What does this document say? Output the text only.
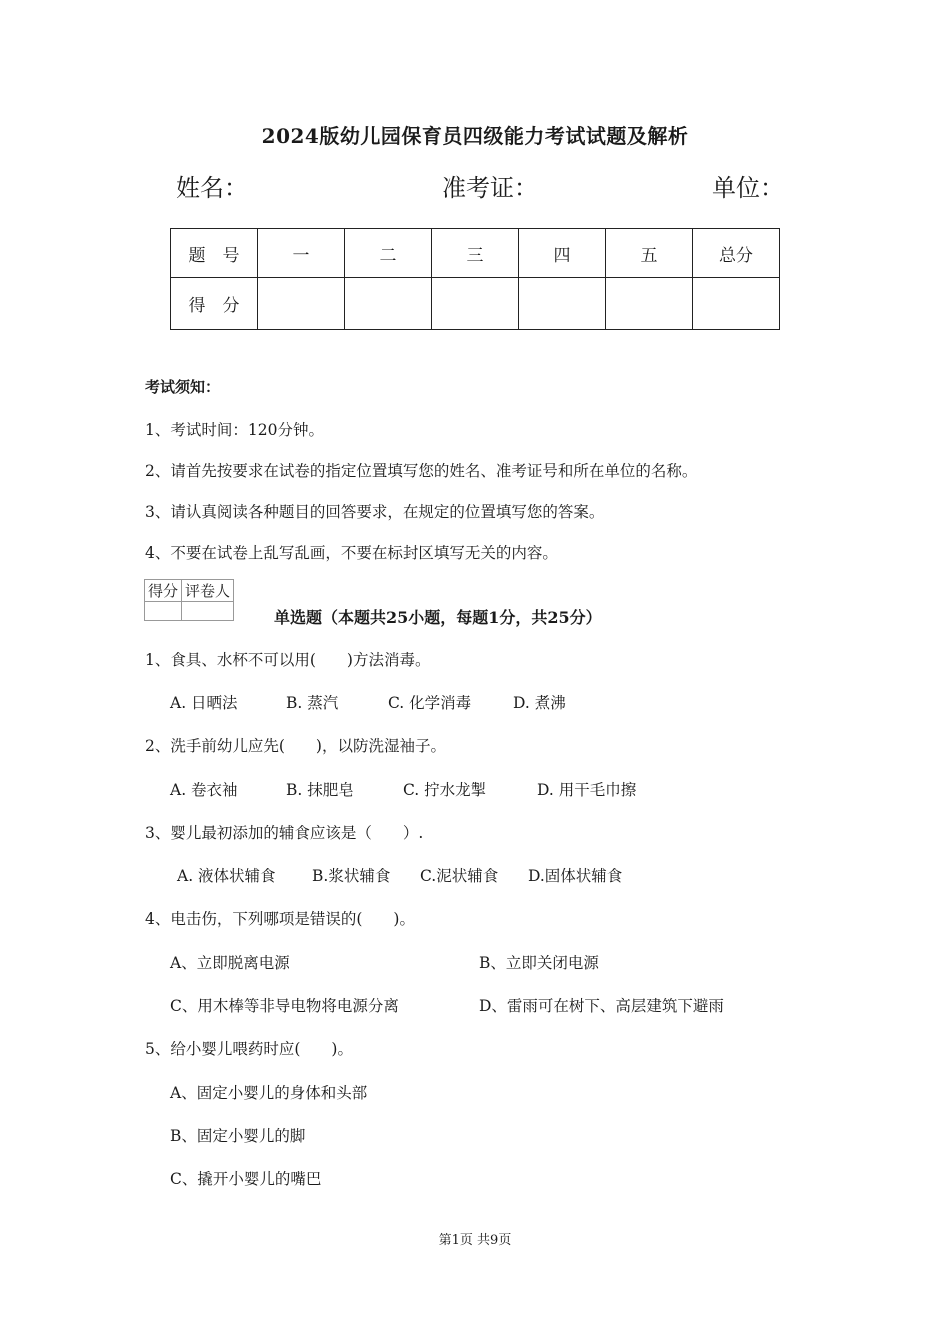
2024版幼儿园保育员四级能力考试试题及解析
姓名：	准考证：	单位：
题　号	一	二	三	四	五	总分
得　分						
考试须知：
1、考试时间：120分钟。
2、请首先按要求在试卷的指定位置填写您的姓名、准考证号和所在单位的名称。
3、请认真阅读各种题目的回答要求，在规定的位置填写您的答案。
4、不要在试卷上乱写乱画，不要在标封区填写无关的内容。
得分	评卷人

单选题（本题共25小题，每题1分，共25分）
1、食具、水杯不可以用(　　)方法消毒。
A. 日晒法	B. 蒸汽	C. 化学消毒	D. 煮沸
2、洗手前幼儿应先(　　)，以防洗湿袖子。
A. 卷衣袖	B. 抹肥皂	C. 拧水龙掣	D. 用干毛巾擦
3、婴儿最初添加的辅食应该是（　　）.
A. 液体状辅食 B.浆状辅食 C.泥状辅食 D.固体状辅食
4、电击伤，下列哪项是错误的(　　)。
A、立即脱离电源	B、立即关闭电源
C、用木棒等非导电物将电源分离	D、雷雨可在树下、高层建筑下避雨
5、给小婴儿喂药时应(　　)。
A、固定小婴儿的身体和头部
B、固定小婴儿的脚
C、撬开小婴儿的嘴巴
第1页 共9页
